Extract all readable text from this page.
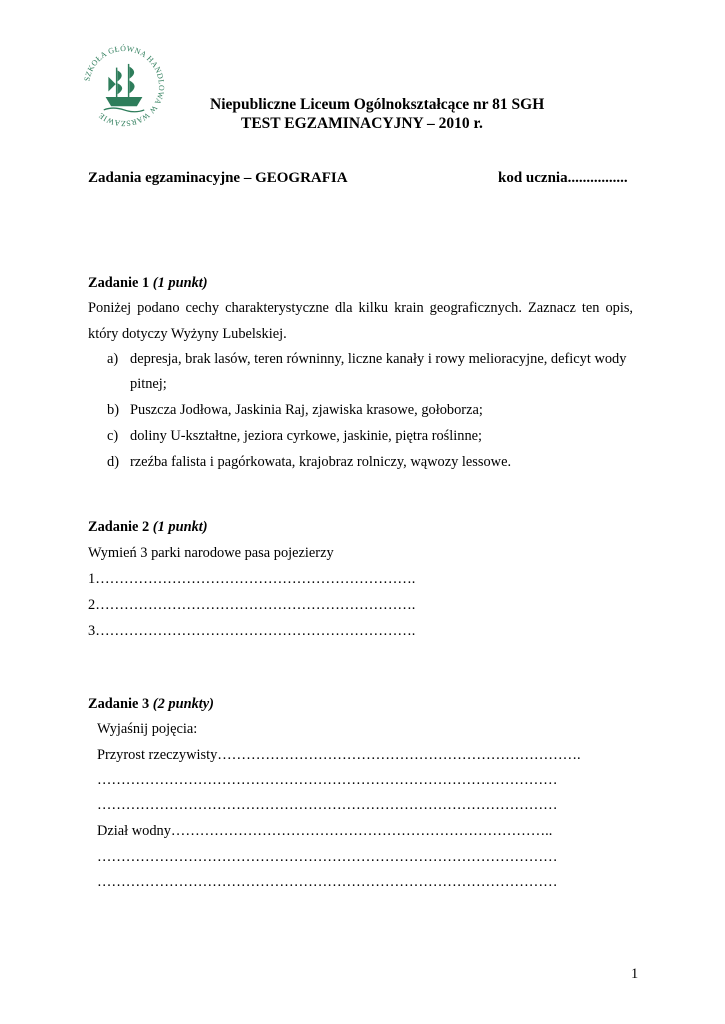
SZKOŁA GŁÓWNA HANDLOWA W WARSZAWIE
Niepubliczne Liceum Ogólnokształcące nr 81 SGH
TEST EGZAMINACYJNY – 2010 r.
Zadania egzaminacyjne – GEOGRAFIA	kod ucznia................
Zadanie 1 (1 punkt)
Poniżej podano cechy charakterystyczne dla kilku krain geograficznych. Zaznacz ten opis,
który dotyczy Wyżyny Lubelskiej.
a) depresja, brak lasów, teren równinny, liczne kanały i rowy melioracyjne, deficyt wody
pitnej;
b) Puszcza Jodłowa, Jaskinia Raj, zjawiska krasowe, gołoborza;
c) doliny U-kształtne, jeziora cyrkowe, jaskinie, piętra roślinne;
d) rzeźba falista i pagórkowata, krajobraz rolniczy, wąwozy lessowe.
Zadanie 2 (1 punkt)
Wymień 3 parki narodowe pasa pojezierzy
1………………………………………………………….
2………………………………………………………….
3………………………………………………………….
Zadanie 3 (2 punkty)
Wyjaśnij pojęcia:
Przyrost rzeczywisty………………………………………………………………….
……………………………………………………………………………………
……………………………………………………………………………………
Dział wodny……………………………………………………………………..
……………………………………………………………………………………
……………………………………………………………………………………
1
